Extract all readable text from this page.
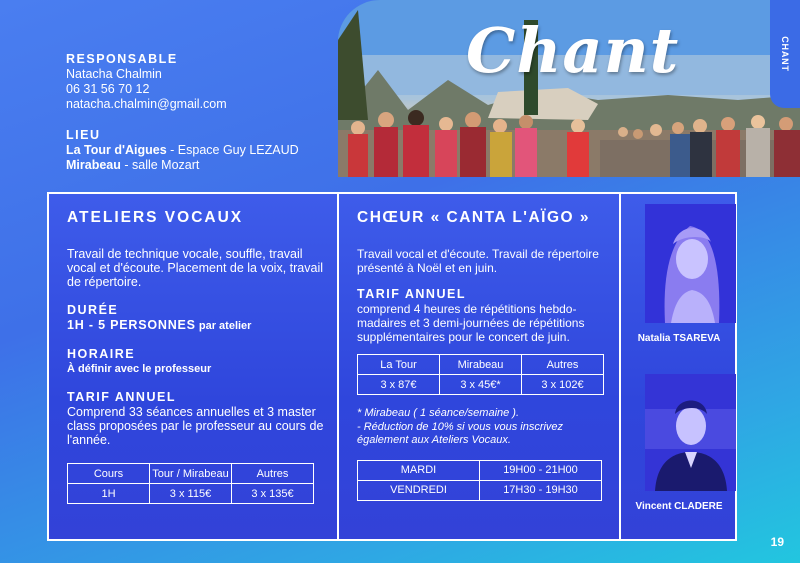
RESPONSABLE
Natacha Chalmin
06 31 56 70 12
natacha.chalmin@gmail.com
LIEU
La Tour d'Aigues - Espace Guy LEZAUD
Mirabeau - salle Mozart
Chant	CHANT
ATELIERS VOCAUX
Travail de technique vocale, souffle, travail vocal et d'écoute. Placement de la voix, travail de répertoire.
DURÉE
1H - 5 PERSONNES par atelier
HORAIRE
À définir avec le professeur
TARIF ANNUEL
Comprend 33 séances annuelles et 3 master class proposées par le professeur au cours de l'année.
Cours	Tour / Mirabeau	Autres
1H	3 x 115€	3 x 135€
CHŒUR « CANTA L'AÏGO »
Travail vocal et d'écoute. Travail de répertoire présenté à Noël et en juin.
TARIF ANNUEL
comprend 4 heures de répétitions hebdo-madaires et 3 demi-journées de répétitions supplémentaires pour le concert de juin.
La Tour	Mirabeau	Autres
3 x 87€	3 x 45€*	3 x 102€
* Mirabeau ( 1 séance/semaine ).
- Réduction de 10% si vous vous inscrivez également aux Ateliers Vocaux.
MARDI	19H00 - 21H00
VENDREDI	17H30 - 19H30
Natalia TSAREVA
Vincent CLADERE
19
